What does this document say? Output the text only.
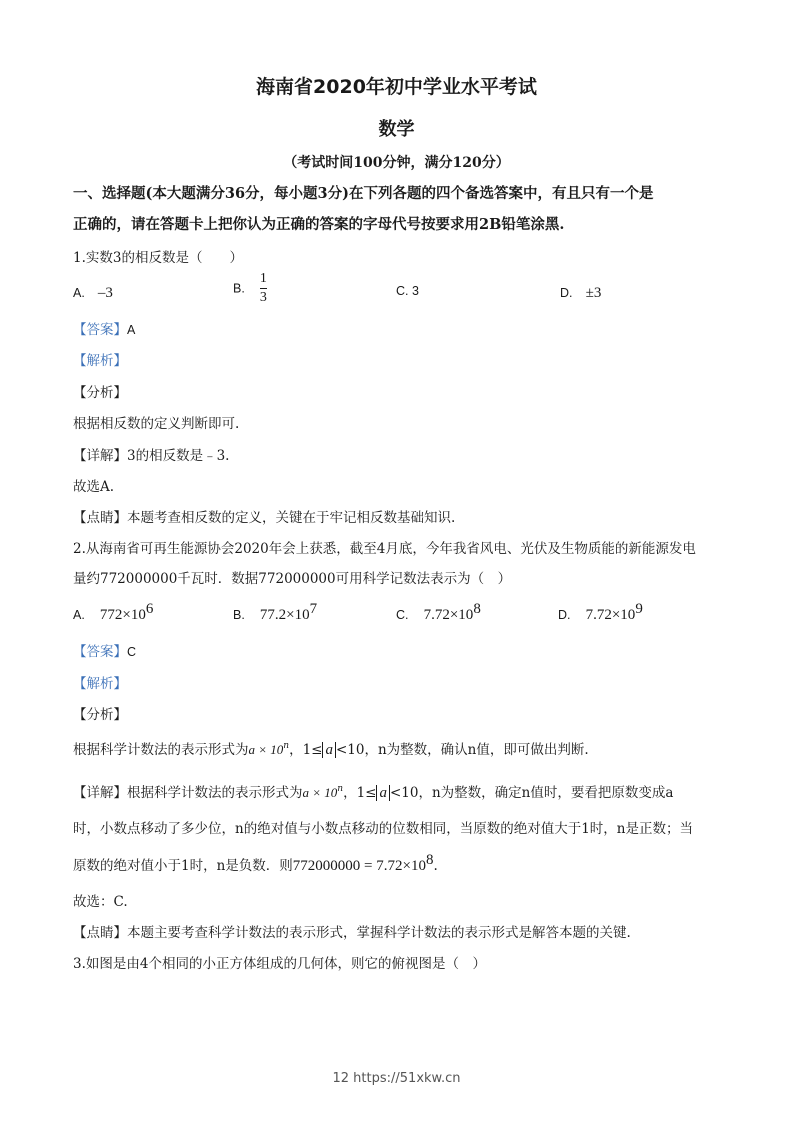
海南省2020年初中学业水平考试
数学
（考试时间100分钟，满分120分）
一、选择题(本大题满分36分，每小题3分)在下列各题的四个备选答案中，有且只有一个是
正确的，请在答题卡上把你认为正确的答案的字母代号按要求用2B铅笔涂黑.
1.实数3的相反数是（　　）
A. –3	B. $\frac{1}{3}$	C. 3	D. ±3
【答案】A
【解析】
【分析】
根据相反数的定义判断即可.
【详解】3的相反数是﹣3.
故选A.
【点睛】本题考查相反数的定义，关键在于牢记相反数基础知识.
2.从海南省可再生能源协会2020年会上获悉，截至4月底，今年我省风电、光伏及生物质能的新能源发电
量约772000000千瓦时．数据772000000可用科学记数法表示为（　）
A. $772\times 10^6$	B. $77.2\times 10^7$	C. $7.72\times 10^8$	D. $7.72\times 10^9$
【答案】C
【解析】
【分析】
根据科学计数法的表示形式为$a \times 10^n$，1≤ a <10，n为整数，确认n值，即可做出判断.
【详解】根据科学计数法的表示形式为$a \times 10^n$，1≤ a <10，n为整数，确定n值时，要看把原数变成a
时，小数点移动了多少位，n的绝对值与小数点移动的位数相同，当原数的绝对值大于1时，n是正数；当
原数的绝对值小于1时，n是负数．则$772000000 = 7.72\times 10^8$.
故选：C.
【点睛】本题主要考查科学计数法的表示形式，掌握科学计数法的表示形式是解答本题的关键.
3.如图是由4个相同的小正方体组成的几何体，则它的俯视图是（　）
12 https://51xkw.cn
